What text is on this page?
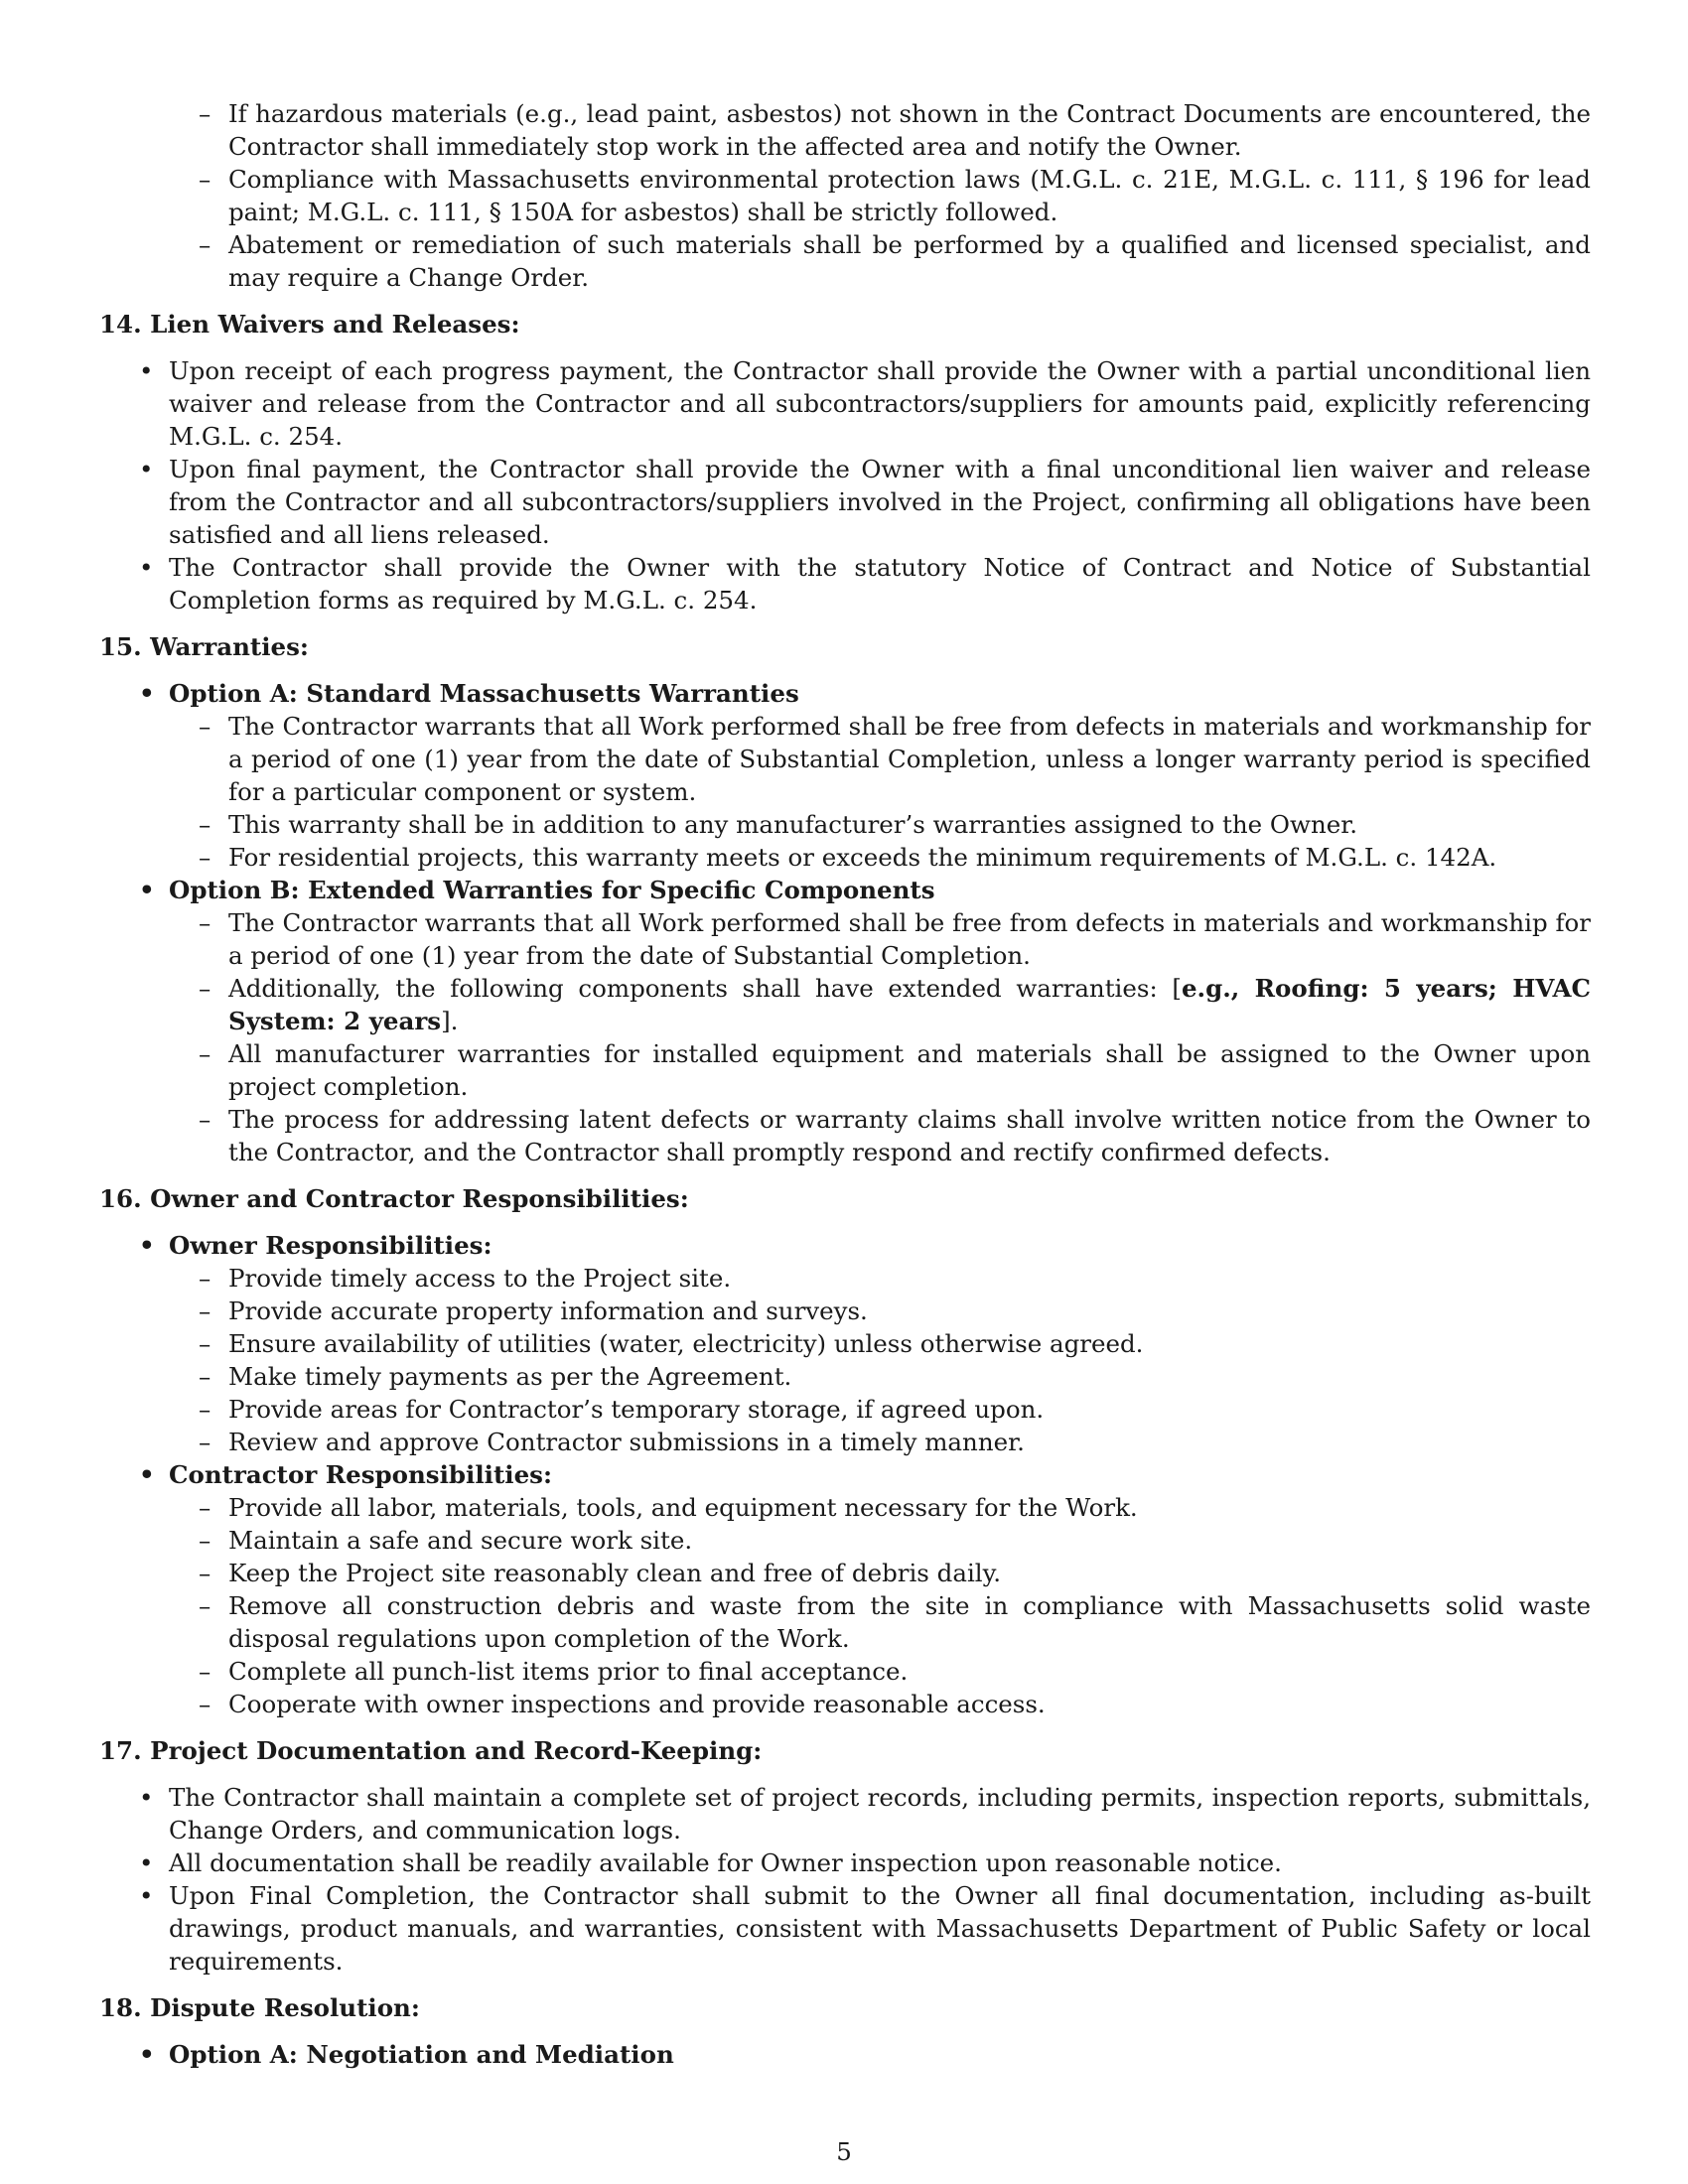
– If hazardous materials (e.g., lead paint, asbestos) not shown in the Contract Documents are encountered, the Contractor shall immediately stop work in the affected area and notify the Owner.

– Compliance with Massachusetts environmental protection laws (M.G.L. c. 21E, M.G.L. c. 111, § 196 for lead paint; M.G.L. c. 111, § 150A for asbestos) shall be strictly followed.

– Abatement or remediation of such materials shall be performed by a qualified and licensed specialist, and may require a Change Order.

14. Lien Waivers and Releases:

• Upon receipt of each progress payment, the Contractor shall provide the Owner with a partial unconditional lien waiver and release from the Contractor and all subcontractors/suppliers for amounts paid, explicitly referencing M.G.L. c. 254.

• Upon final payment, the Contractor shall provide the Owner with a final unconditional lien waiver and release from the Contractor and all subcontractors/suppliers involved in the Project, confirming all obligations have been satisfied and all liens released.

• The Contractor shall provide the Owner with the statutory Notice of Contract and Notice of Substantial Completion forms as required by M.G.L. c. 254.

15. Warranties:

• Option A: Standard Massachusetts Warranties

– The Contractor warrants that all Work performed shall be free from defects in materials and workmanship for a period of one (1) year from the date of Substantial Completion, unless a longer warranty period is specified for a particular component or system.

– This warranty shall be in addition to any manufacturer’s warranties assigned to the Owner.

– For residential projects, this warranty meets or exceeds the minimum requirements of M.G.L. c. 142A.

• Option B: Extended Warranties for Specific Components

– The Contractor warrants that all Work performed shall be free from defects in materials and workmanship for a period of one (1) year from the date of Substantial Completion.

– Additionally, the following components shall have extended warranties: [e.g., Roofing: 5 years; HVAC System: 2 years].

– All manufacturer warranties for installed equipment and materials shall be assigned to the Owner upon project completion.

– The process for addressing latent defects or warranty claims shall involve written notice from the Owner to the Contractor, and the Contractor shall promptly respond and rectify confirmed defects.

16. Owner and Contractor Responsibilities:

• Owner Responsibilities:

– Provide timely access to the Project site.

– Provide accurate property information and surveys.

– Ensure availability of utilities (water, electricity) unless otherwise agreed.

– Make timely payments as per the Agreement.

– Provide areas for Contractor’s temporary storage, if agreed upon.

– Review and approve Contractor submissions in a timely manner.

• Contractor Responsibilities:

– Provide all labor, materials, tools, and equipment necessary for the Work.

– Maintain a safe and secure work site.

– Keep the Project site reasonably clean and free of debris daily.

– Remove all construction debris and waste from the site in compliance with Massachusetts solid waste disposal regulations upon completion of the Work.

– Complete all punch-list items prior to final acceptance.

– Cooperate with owner inspections and provide reasonable access.

17. Project Documentation and Record-Keeping:

• The Contractor shall maintain a complete set of project records, including permits, inspection reports, submittals, Change Orders, and communication logs.

• All documentation shall be readily available for Owner inspection upon reasonable notice.

• Upon Final Completion, the Contractor shall submit to the Owner all final documentation, including as-built drawings, product manuals, and warranties, consistent with Massachusetts Department of Public Safety or local requirements.

18. Dispute Resolution:

• Option A: Negotiation and Mediation

5
